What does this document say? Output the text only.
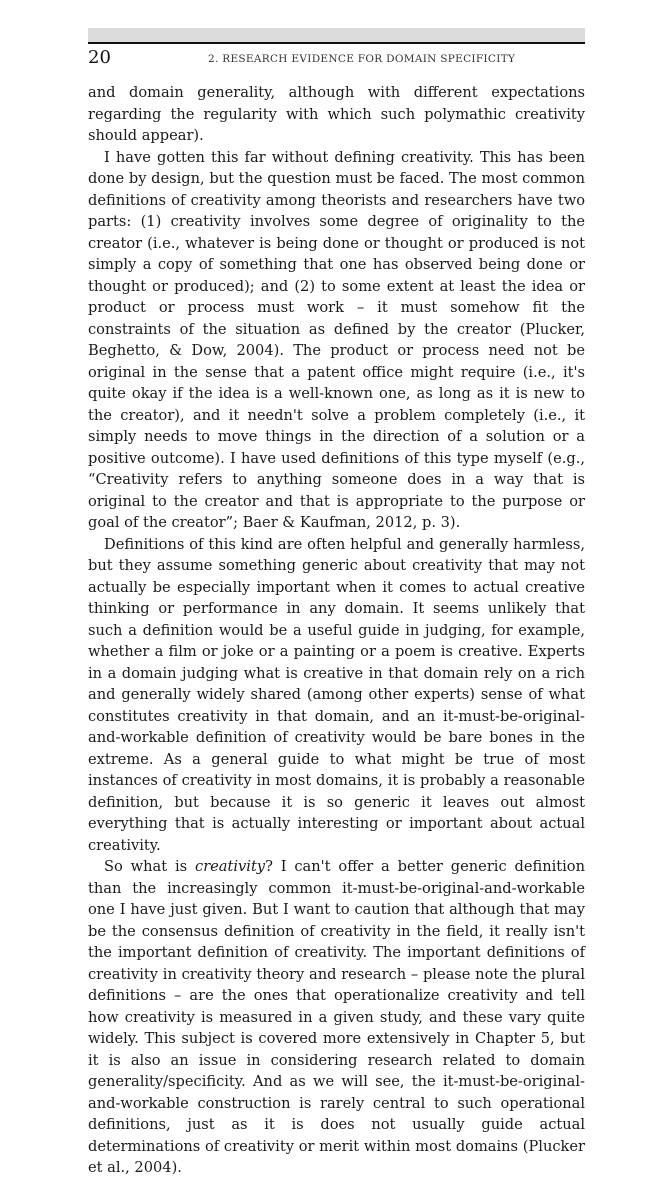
20	2. RESEARCH EVIDENCE FOR DOMAIN SPECIFICITY

and domain generality, although with different expectations regarding the regularity with which such polymathic creativity should appear).

I have gotten this far without defining creativity. This has been done by design, but the question must be faced. The most common definitions of creativity among theorists and researchers have two parts: (1) creativity involves some degree of originality to the creator (i.e., whatever is being done or thought or produced is not simply a copy of something that one has observed being done or thought or produced); and (2) to some extent at least the idea or product or process must work – it must somehow fit the constraints of the situation as defined by the creator (Plucker, Beghetto, & Dow, 2004). The product or process need not be original in the sense that a patent office might require (i.e., it's quite okay if the idea is a well-known one, as long as it is new to the creator), and it needn't solve a problem completely (i.e., it simply needs to move things in the direction of a solution or a positive outcome). I have used definitions of this type myself (e.g., “Creativity refers to anything someone does in a way that is original to the creator and that is appropriate to the purpose or goal of the creator”; Baer & Kaufman, 2012, p. 3).

Definitions of this kind are often helpful and generally harmless, but they assume something generic about creativity that may not actually be especially important when it comes to actual creative thinking or performance in any domain. It seems unlikely that such a definition would be a useful guide in judging, for example, whether a film or joke or a painting or a poem is creative. Experts in a domain judging what is creative in that domain rely on a rich and generally widely shared (among other experts) sense of what constitutes creativity in that domain, and an it-must-be-original-and-workable definition of creativity would be bare bones in the extreme. As a general guide to what might be true of most instances of creativity in most domains, it is probably a reasonable definition, but because it is so generic it leaves out almost everything that is actually interesting or important about actual creativity.

So what is creativity? I can't offer a better generic definition than the increasingly common it-must-be-original-and-workable one I have just given. But I want to caution that although that may be the consensus definition of creativity in the field, it really isn't the important definition of creativity. The important definitions of creativity in creativity theory and research – please note the plural definitions – are the ones that operationalize creativity and tell how creativity is measured in a given study, and these vary quite widely. This subject is covered more extensively in Chapter 5, but it is also an issue in considering research related to domain generality/specificity. And as we will see, the it-must-be-original-and-workable construction is rarely central to such operational definitions, just as it is does not usually guide actual determinations of creativity or merit within most domains (Plucker et al., 2004).
